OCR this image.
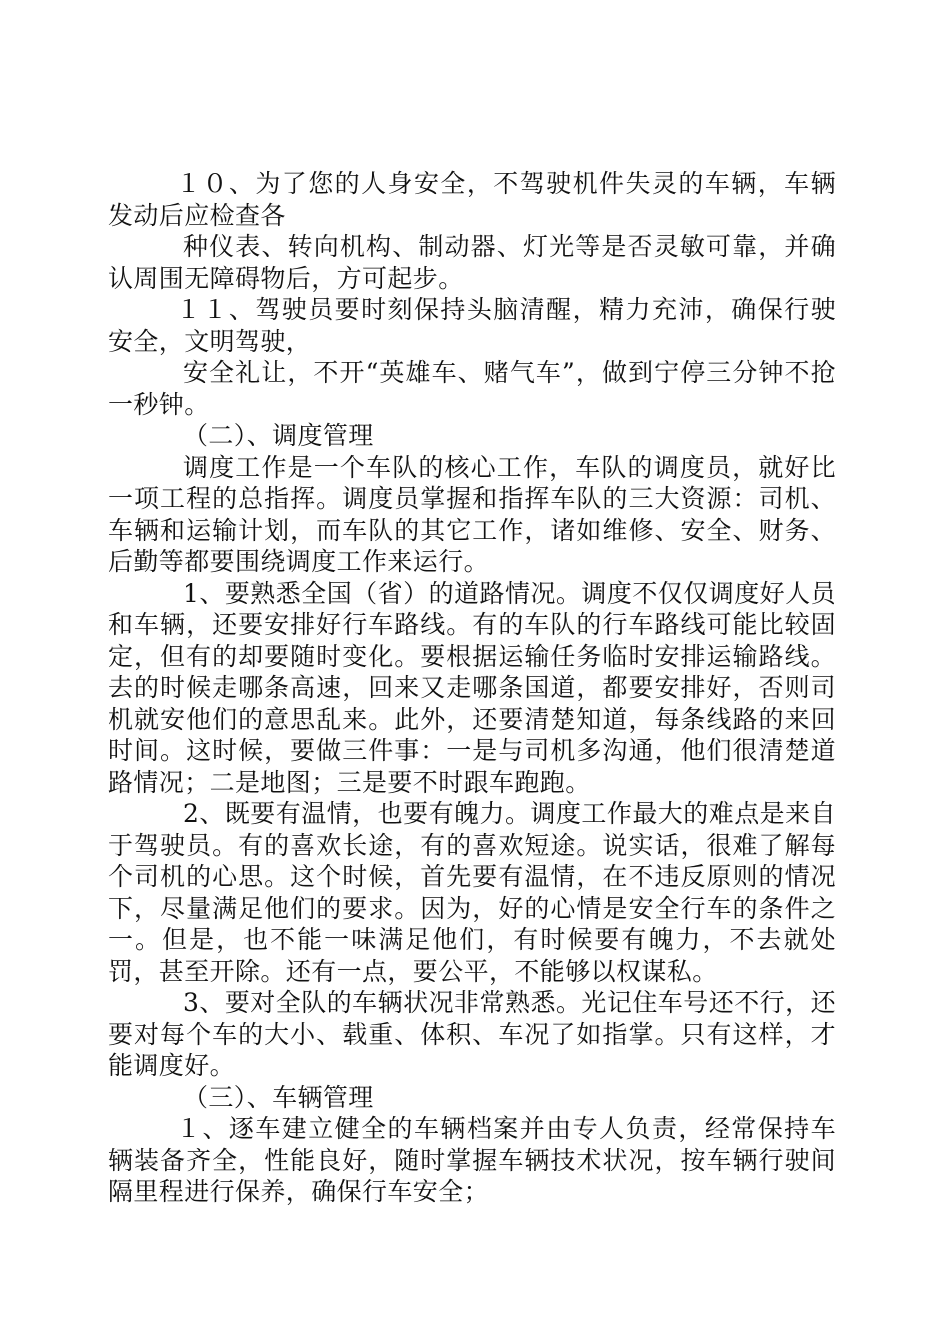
１０、为了您的人身安全，不驾驶机件失灵的车辆，车辆发动后应检查各

种仪表、转向机构、制动器、灯光等是否灵敏可靠，并确认周围无障碍物后，方可起步。

１１、驾驶员要时刻保持头脑清醒，精力充沛，确保行驶安全，文明驾驶，

安全礼让，不开“英雄车、赌气车”，做到宁停三分钟不抢一秒钟。

（二）、调度管理

调度工作是一个车队的核心工作，车队的调度员，就好比一项工程的总指挥。调度员掌握和指挥车队的三大资源：司机、车辆和运输计划，而车队的其它工作，诸如维修、安全、财务、后勤等都要围绕调度工作来运行。

1、要熟悉全国（省）的道路情况。调度不仅仅调度好人员和车辆，还要安排好行车路线。有的车队的行车路线可能比较固定，但有的却要随时变化。要根据运输任务临时安排运输路线。去的时候走哪条高速，回来又走哪条国道，都要安排好，否则司机就安他们的意思乱来。此外，还要清楚知道，每条线路的来回时间。这时候，要做三件事：一是与司机多沟通，他们很清楚道路情况；二是地图；三是要不时跟车跑跑。

2、既要有温情，也要有魄力。调度工作最大的难点是来自于驾驶员。有的喜欢长途，有的喜欢短途。说实话，很难了解每个司机的心思。这个时候，首先要有温情，在不违反原则的情况下，尽量满足他们的要求。因为，好的心情是安全行车的条件之一。但是，也不能一味满足他们，有时候要有魄力，不去就处罚，甚至开除。还有一点，要公平，不能够以权谋私。

3、要对全队的车辆状况非常熟悉。光记住车号还不行，还要对每个车的大小、载重、体积、车况了如指掌。只有这样，才能调度好。

（三）、车辆管理

１、逐车建立健全的车辆档案并由专人负责，经常保持车辆装备齐全，性能良好，随时掌握车辆技术状况，按车辆行驶间隔里程进行保养，确保行车安全；
